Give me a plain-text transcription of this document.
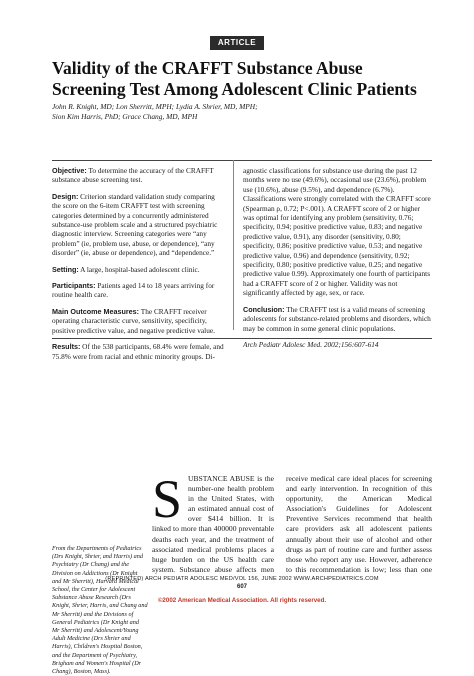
ARTICLE
Validity of the CRAFFT Substance Abuse Screening Test Among Adolescent Clinic Patients
John R. Knight, MD; Lon Sherritt, MPH; Lydia A. Shrier, MD, MPH;
Sion Kim Harris, PhD; Grace Chang, MD, MPH

Objective: To determine the accuracy of the CRAFFT substance abuse screening test.

Design: Criterion standard validation study comparing the score on the 6-item CRAFFT test with screening categories determined by a concurrently administered substance-use problem scale and a structured psychiatric diagnostic interview. Screening categories were “any problem” (ie, problem use, abuse, or dependence), “any disorder” (ie, abuse or dependence), and “dependence.”

Setting: A large, hospital-based adolescent clinic.

Participants: Patients aged 14 to 18 years arriving for routine health care.

Main Outcome Measures: The CRAFFT receiver operating characteristic curve, sensitivity, specificity, positive predictive value, and negative predictive value.

Results: Of the 538 participants, 68.4% were female, and 75.8% were from racial and ethnic minority groups. Di-

agnostic classifications for substance use during the past 12 months were no use (49.6%), occasional use (23.6%), problem use (10.6%), abuse (9.5%), and dependence (6.7%). Classifications were strongly correlated with the CRAFFT score (Spearman ρ, 0.72; P<.001). A CRAFFT score of 2 or higher was optimal for identifying any problem (sensitivity, 0.76; specificity, 0.94; positive predictive value, 0.83; and negative predictive value, 0.91), any disorder (sensitivity, 0.80; specificity, 0.86; positive predictive value, 0.53; and negative predictive value, 0.96) and dependence (sensitivity, 0.92; specificity, 0.80; positive predictive value, 0.25; and negative predictive value 0.99). Approximately one fourth of participants had a CRAFFT score of 2 or higher. Validity was not significantly affected by age, sex, or race.

Conclusion: The CRAFFT test is a valid means of screening adolescents for substance-related problems and disorders, which may be common in some general clinic populations.

Arch Pediatr Adolesc Med. 2002;156:607-614

From the Departments of Pediatrics (Drs Knight, Shrier, and Harris) and Psychiatry (Dr Chang) and the Division on Addictions (Dr Knight and Mr Sherritt), Harvard Medical School, the Center for Adolescent Substance Abuse Research (Drs Knight, Shrier, Harris, and Chang and Mr Sherritt) and the Divisions of General Pediatrics (Dr Knight and Mr Sherritt) and Adolescent/Young Adult Medicine (Drs Shrier and Harris), Children's Hospital Boston, and the Department of Psychiatry, Brigham and Women's Hospital (Dr Chang), Boston, Mass).
S UBSTANCE ABUSE is the number-one health problem in the United States, with an estimated annual cost of over $414 billion. It is linked to more than 400000 preventable deaths each year, and the treatment of associated medical problems places a huge burden on the US health care system. Substance abuse affects men

receive medical care ideal places for screening and early intervention. In recognition of this opportunity, the American Medical Association's Guidelines for Adolescent Preventive Services recommend that health care providers ask all adolescent patients annually about their use of alcohol and other drugs as part of routine care and further assess those who report any use. However, adherence to this recommendation is low; less than one

(REPRINTED) ARCH PEDIATR ADOLESC MED/VOL 156, JUNE 2002 WWW.ARCHPEDIATRICS.COM
607
©2002 American Medical Association. All rights reserved.
